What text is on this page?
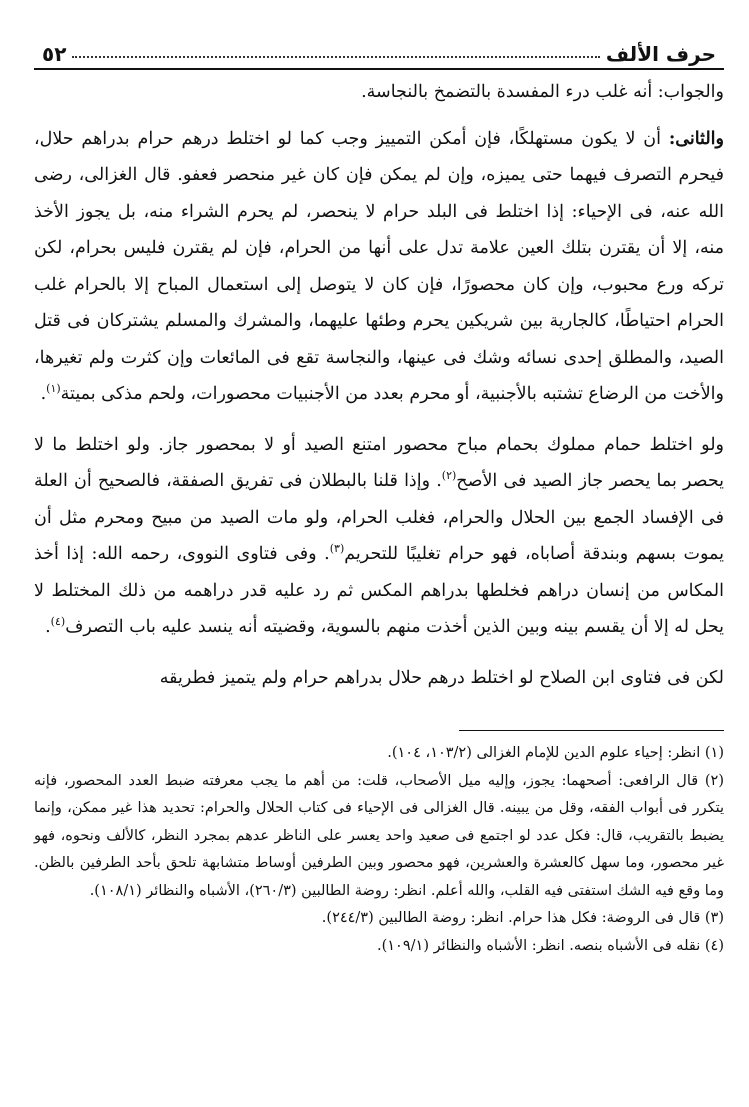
حرف الألف
٥٢

والجواب: أنه غلب درء المفسدة بالتضمخ بالنجاسة.

والثانى: أن لا يكون مستهلكًا، فإن أمكن التمييز وجب كما لو اختلط درهم حرام بدراهم حلال، فيحرم التصرف فيهما حتى يميزه، وإن لم يمكن فإن كان غير منحصر فعفو. قال الغزالى، رضى الله عنه، فى الإحياء: إذا اختلط فى البلد حرام لا ينحصر، لم يحرم الشراء منه، بل يجوز الأخذ منه، إلا أن يقترن بتلك العين علامة تدل على أنها من الحرام، فإن لم يقترن فليس بحرام، لكن تركه ورع محبوب، وإن كان محصورًا، فإن كان لا يتوصل إلى استعمال المباح إلا بالحرام غلب الحرام احتياطًا، كالجارية بين شريكين يحرم وطئها عليهما، والمشرك والمسلم يشتركان فى قتل الصيد، والمطلق إحدى نسائه وشك فى عينها، والنجاسة تقع فى المائعات وإن كثرت ولم تغيرها، والأخت من الرضاع تشتبه بالأجنبية، أو محرم بعدد من الأجنبيات محصورات، ولحم مذكى بميتة$^{(١)}$.

ولو اختلط حمام مملوك بحمام مباح محصور امتنع الصيد أو لا بمحصور جاز. ولو اختلط ما لا يحصر بما يحصر جاز الصيد فى الأصح$^{(٢)}$. وإذا قلنا بالبطلان فى تفريق الصفقة، فالصحيح أن العلة فى الإفساد الجمع بين الحلال والحرام، فغلب الحرام، ولو مات الصيد من مبيح ومحرم مثل أن يموت بسهم وبندقة أصاباه، فهو حرام تغليبًا للتحريم$^{(٣)}$. وفى فتاوى النووى، رحمه الله: إذا أخذ المكاس من إنسان دراهم فخلطها بدراهم المكس ثم رد عليه قدر دراهمه من ذلك المختلط لا يحل له إلا أن يقسم بينه وبين الذين أخذت منهم بالسوية، وقضيته أنه ينسد عليه باب التصرف$^{(٤)}$.

لكن فى فتاوى ابن الصلاح لو اختلط درهم حلال بدراهم حرام ولم يتميز فطريقه

(١) انظر: إحياء علوم الدين للإمام الغزالى (١٠٣/٢، ١٠٤).

(٢) قال الرافعى: أصحهما: يجوز، وإليه ميل الأصحاب، قلت: من أهم ما يجب معرفته ضبط العدد المحصور، فإنه يتكرر فى أبواب الفقه، وقل من يبينه. قال الغزالى فى الإحياء فى كتاب الحلال والحرام: تحديد هذا غير ممكن، وإنما يضبط بالتقريب، قال: فكل عدد لو اجتمع فى صعيد واحد يعسر على الناظر عدهم بمجرد النظر، كالألف ونحوه، فهو غير محصور، وما سهل كالعشرة والعشرين، فهو محصور وبين الطرفين أوساط متشابهة تلحق بأحد الطرفين بالظن. وما وقع فيه الشك استفتى فيه القلب، والله أعلم. انظر: روضة الطالبين (٢٦٠/٣)، الأشباه والنظائر (١٠٨/١).

(٣) قال فى الروضة: فكل هذا حرام. انظر: روضة الطالبين (٢٤٤/٣).

(٤) نقله فى الأشباه بنصه. انظر: الأشباه والنظائر (١٠٩/١).
